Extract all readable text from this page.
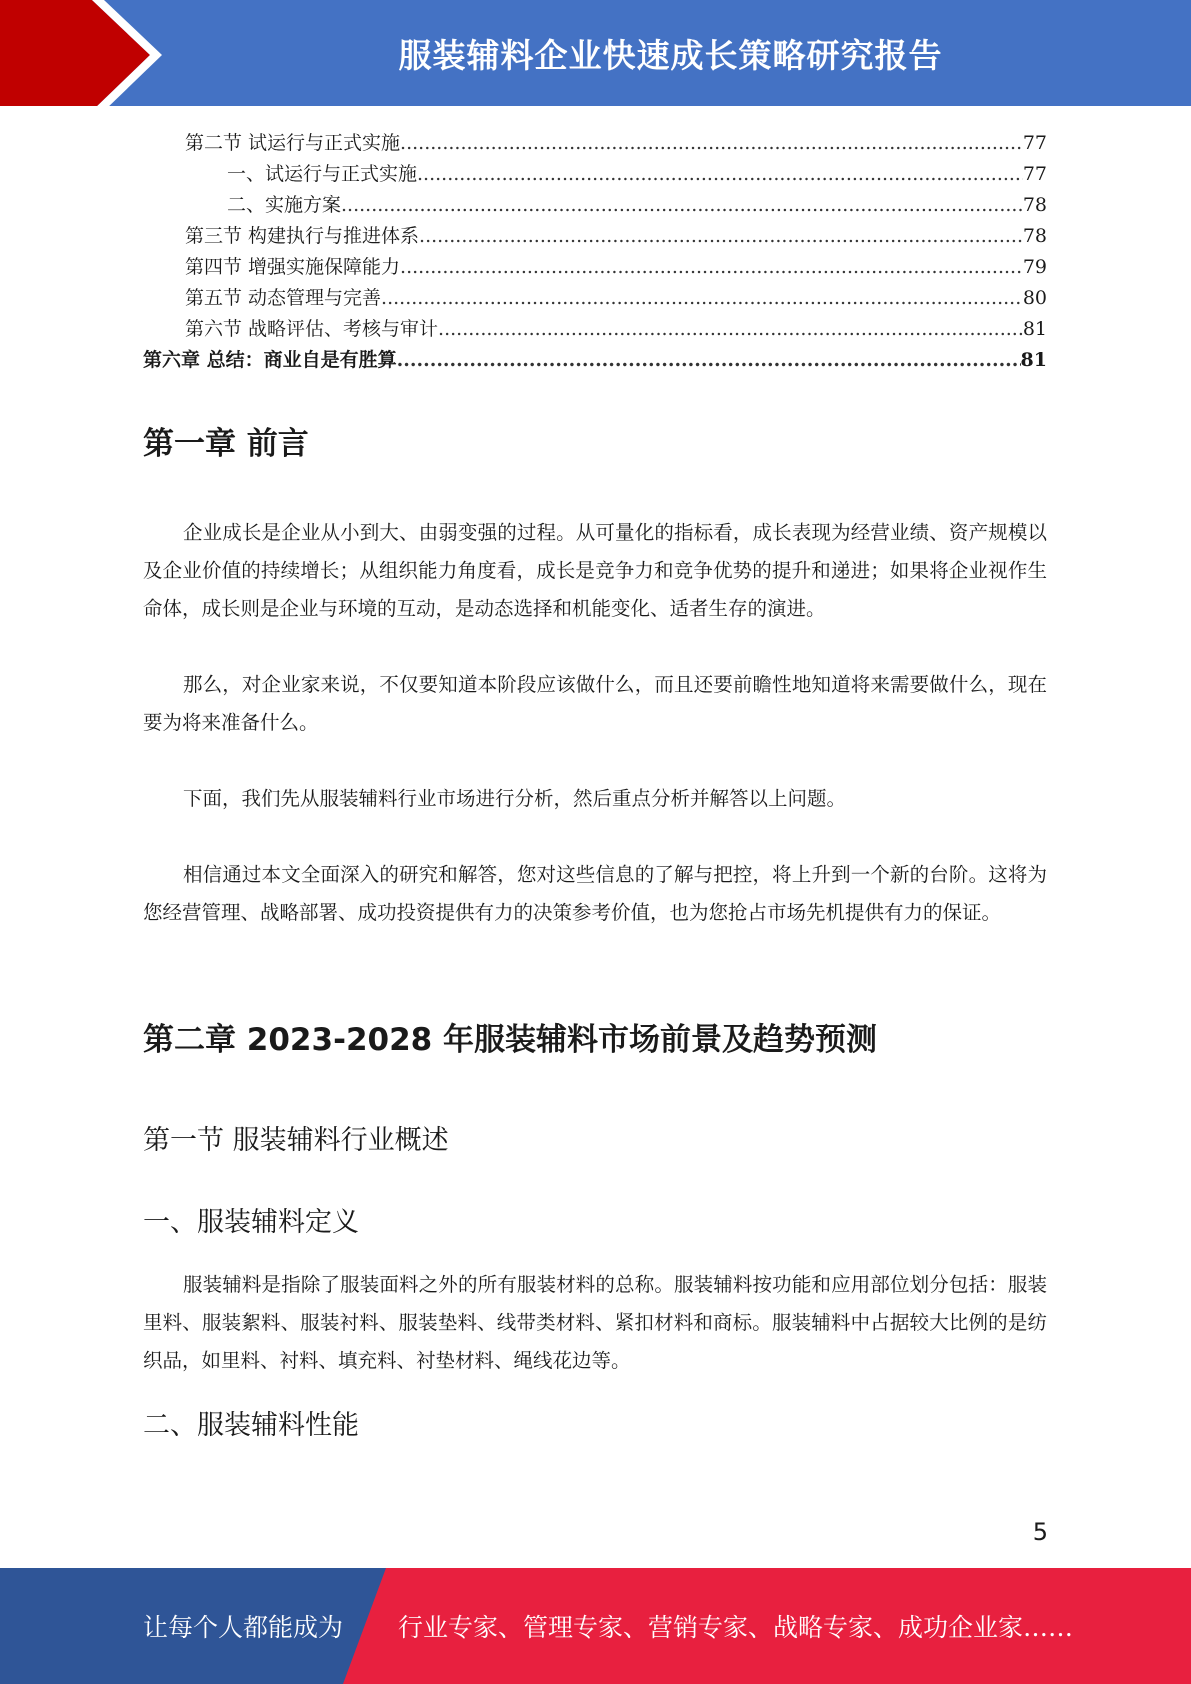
服装辅料企业快速成长策略研究报告
第二节 试运行与正式实施 .....	77
一、试运行与正式实施 .....	77
二、实施方案 .....	78
第三节 构建执行与推进体系 .....	78
第四节 增强实施保障能力 .....	79
第五节 动态管理与完善 .....	80
第六节 战略评估、考核与审计 .....	81
第六章 总结：商业自是有胜算 .....	81
第一章 前言

企业成长是企业从小到大、由弱变强的过程。从可量化的指标看，成长表现为经营业绩、资产规模以及企业价值的持续增长；从组织能力角度看，成长是竞争力和竞争优势的提升和递进；如果将企业视作生命体，成长则是企业与环境的互动，是动态选择和机能变化、适者生存的演进。

那么，对企业家来说，不仅要知道本阶段应该做什么，而且还要前瞻性地知道将来需要做什么，现在要为将来准备什么。

下面，我们先从服装辅料行业市场进行分析，然后重点分析并解答以上问题。

相信通过本文全面深入的研究和解答，您对这些信息的了解与把控，将上升到一个新的台阶。这将为您经营管理、战略部署、成功投资提供有力的决策参考价值，也为您抢占市场先机提供有力的保证。

第二章 2023-2028 年服装辅料市场前景及趋势预测
第一节 服装辅料行业概述
一、服装辅料定义

服装辅料是指除了服装面料之外的所有服装材料的总称。服装辅料按功能和应用部位划分包括：服装里料、服装絮料、服装衬料、服装垫料、线带类材料、紧扣材料和商标。服装辅料中占据较大比例的是纺织品，如里料、衬料、填充料、衬垫材料、绳线花边等。

二、服装辅料性能
5
让每个人都能成为 行业专家、管理专家、营销专家、战略专家、成功企业家……
